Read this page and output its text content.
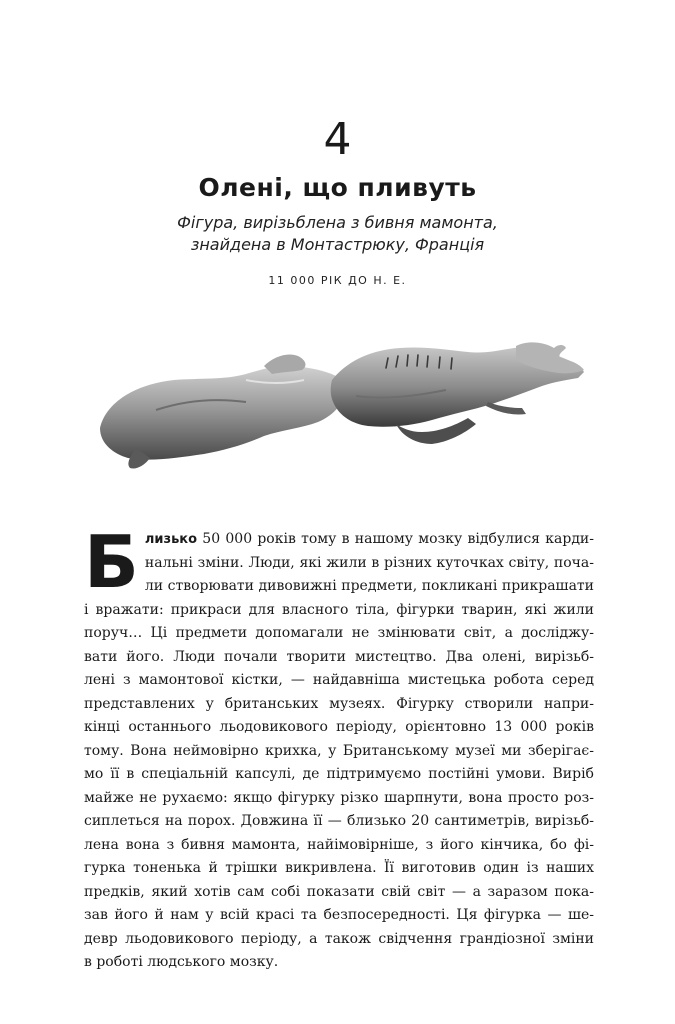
4
Олені, що пливуть
Фігура, вирізьблена з бивня мамонта,
знайдена в Монтастрюку, Франція
11 000 РІК ДО Н. Е.
Б лизько 50 000 років тому в нашому мозку відбулися карди-
нальні зміни. Люди, які жили в різних куточках світу, поча-
ли створювати дивовижні предмети, покликані прикрашати
і вражати: прикраси для власного тіла, фігурки тварин, які жили
поруч… Ці предмети допомагали не змінювати світ, а досліджу-
вати його. Люди почали творити мистецтво. Два олені, вирізьб-
лені з мамонтової кістки, — найдавніша мистецька робота серед
представлених у британських музеях. Фігурку створили напри-
кінці останнього льодовикового періоду, орієнтовно 13 000 років
тому. Вона неймовірно крихка, у Британському музеї ми зберігає-
мо її в спеціальній капсулі, де підтримуємо постійні умови. Виріб
майже не рухаємо: якщо фігурку різко шарпнути, вона просто роз-
сиплеться на порох. Довжина її — близько 20 сантиметрів, вирізьб-
лена вона з бивня мамонта, найімовірніше, з його кінчика, бо фі-
гурка тоненька й трішки викривлена. Її виготовив один із наших
предків, який хотів сам собі показати свій світ — а заразом пока-
зав його й нам у всій красі та безпосередності. Ця фігурка — ше-
девр льодовикового періоду, а також свідчення грандіозної зміни
в роботі людського мозку.
